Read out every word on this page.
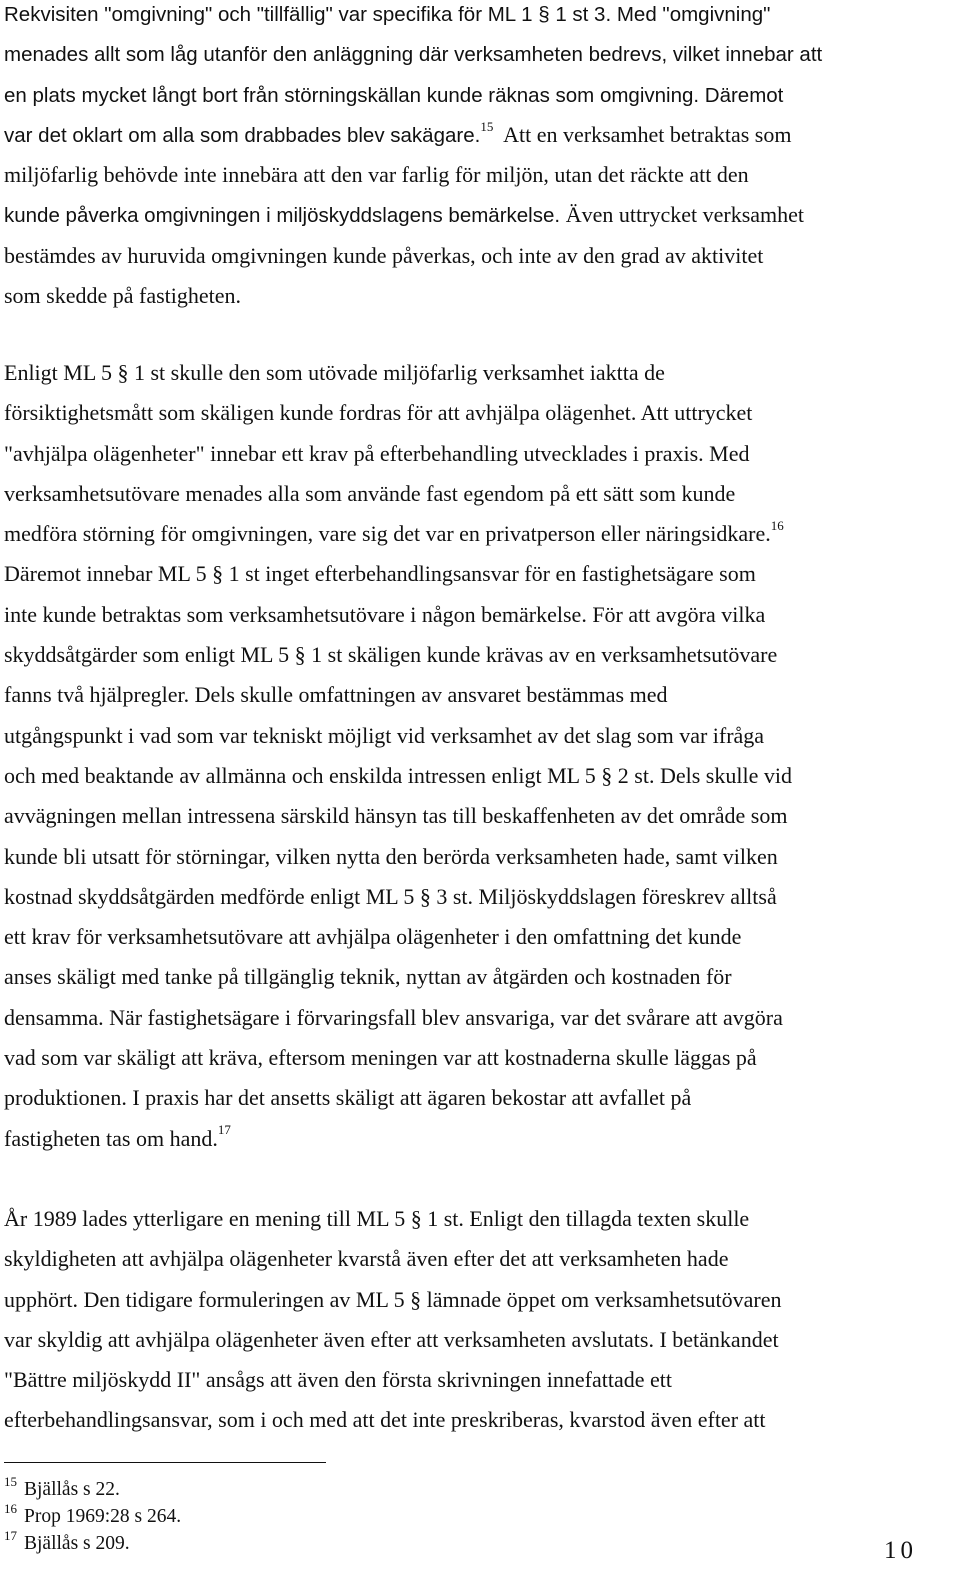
Rekvisiten "omgivning" och "tillfällig" var specifika för ML 1 § 1 st 3. Med "omgivning"
menades allt som låg utanför den anläggning där verksamheten bedrevs, vilket innebar att
en plats mycket långt bort från störningskällan kunde räknas som omgivning. Däremot
var det oklart om alla som drabbades blev sakägare.$^{15}$  Att en verksamhet betraktas som
miljöfarlig behövde inte innebära att den var farlig för miljön, utan det räckte att den
kunde påverka omgivningen i miljöskyddslagens bemärkelse. Även uttrycket verksamhet
bestämdes av huruvida omgivningen kunde påverkas, och inte av den grad av aktivitet
som skedde på fastigheten.
Enligt ML 5 § 1 st skulle den som utövade miljöfarlig verksamhet iaktta de
försiktighetsmått som skäligen kunde fordras för att avhjälpa olägenhet. Att uttrycket
"avhjälpa olägenheter" innebar ett krav på efterbehandling utvecklades i praxis. Med
verksamhetsutövare menades alla som använde fast egendom på ett sätt som kunde
medföra störning för omgivningen, vare sig det var en privatperson eller näringsidkare.$^{16}$
Däremot innebar ML 5 § 1 st inget efterbehandlingsansvar för en fastighetsägare som
inte kunde betraktas som verksamhetsutövare i någon bemärkelse. För att avgöra vilka
skyddsåtgärder som enligt ML 5 § 1 st skäligen kunde krävas av en verksamhetsutövare
fanns två hjälpregler. Dels skulle omfattningen av ansvaret bestämmas med
utgångspunkt i vad som var tekniskt möjligt vid verksamhet av det slag som var ifråga
och med beaktande av allmänna och enskilda intressen enligt ML 5 § 2 st. Dels skulle vid
avvägningen mellan intressena särskild hänsyn tas till beskaffenheten av det område som
kunde bli utsatt för störningar, vilken nytta den berörda verksamheten hade, samt vilken
kostnad skyddsåtgärden medförde enligt ML 5 § 3 st. Miljöskyddslagen föreskrev alltså
ett krav för verksamhetsutövare att avhjälpa olägenheter i den omfattning det kunde
anses skäligt med tanke på tillgänglig teknik, nyttan av åtgärden och kostnaden för
densamma. När fastighetsägare i förvaringsfall blev ansvariga, var det svårare att avgöra
vad som var skäligt att kräva, eftersom meningen var att kostnaderna skulle läggas på
produktionen. I praxis har det ansetts skäligt att ägaren bekostar att avfallet på
fastigheten tas om hand.$^{17}$
År 1989 lades ytterligare en mening till ML 5 § 1 st. Enligt den tillagda texten skulle
skyldigheten att avhjälpa olägenheter kvarstå även efter det att verksamheten hade
upphört. Den tidigare formuleringen av ML 5 § lämnade öppet om verksamhetsutövaren
var skyldig att avhjälpa olägenheter även efter att verksamheten avslutats. I betänkandet
"Bättre miljöskydd II" ansågs att även den första skrivningen innefattade ett
efterbehandlingsansvar, som i och med att det inte preskriberas, kvarstod även efter att
$^{15}$ Bjällås s 22.
$^{16}$ Prop 1969:28 s 264.
$^{17}$ Bjällås s 209.	10
